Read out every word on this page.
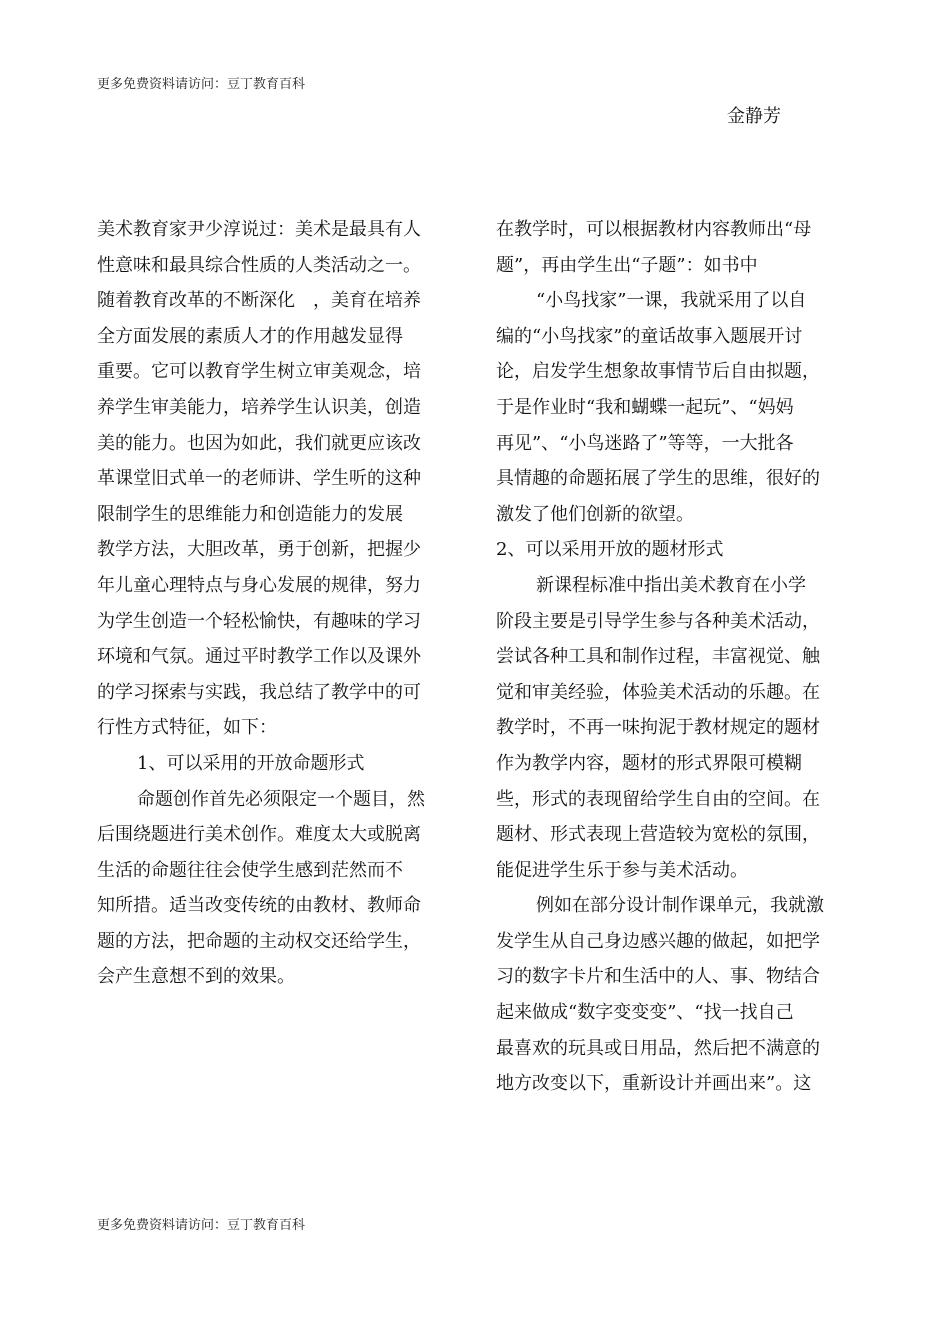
更多免费资料请访问：豆丁教育百科
金静芳
美术教育家尹少淳说过：美术是最具有人
性意味和最具综合性质的人类活动之一。
随着教育改革的不断深化　，美育在培养
全方面发展的素质人才的作用越发显得
重要。它可以教育学生树立审美观念，培
养学生审美能力，培养学生认识美，创造
美的能力。也因为如此，我们就更应该改
革课堂旧式单一的老师讲、学生听的这种
限制学生的思维能力和创造能力的发展
教学方法，大胆改革，勇于创新，把握少
年儿童心理特点与身心发展的规律，努力
为学生创造一个轻松愉快，有趣味的学习
环境和气氛。通过平时教学工作以及课外
的学习探索与实践，我总结了教学中的可
行性方式特征，如下：
1、可以采用的开放命题形式
命题创作首先必须限定一个题目，然
后围绕题进行美术创作。难度太大或脱离
生活的命题往往会使学生感到茫然而不
知所措。适当改变传统的由教材、教师命
题的方法，把命题的主动权交还给学生，
会产生意想不到的效果。
在教学时，可以根据教材内容教师出“母
题”，再由学生出“子题”：如书中
“小鸟找家”一课，我就采用了以自
编的“小鸟找家”的童话故事入题展开讨
论，启发学生想象故事情节后自由拟题，
于是作业时“我和蝴蝶一起玩”、“妈妈
再见”、“小鸟迷路了”等等，一大批各
具情趣的命题拓展了学生的思维，很好的
激发了他们创新的欲望。
2、可以采用开放的题材形式
新课程标准中指出美术教育在小学
阶段主要是引导学生参与各种美术活动，
尝试各种工具和制作过程，丰富视觉、触
觉和审美经验，体验美术活动的乐趣。在
教学时，不再一味拘泥于教材规定的题材
作为教学内容，题材的形式界限可模糊
些，形式的表现留给学生自由的空间。在
题材、形式表现上营造较为宽松的氛围，
能促进学生乐于参与美术活动。
例如在部分设计制作课单元，我就激
发学生从自己身边感兴趣的做起，如把学
习的数字卡片和生活中的人、事、物结合
起来做成“数字变变变”、“找一找自己
最喜欢的玩具或日用品，然后把不满意的
地方改变以下，重新设计并画出来”。这
更多免费资料请访问：豆丁教育百科
